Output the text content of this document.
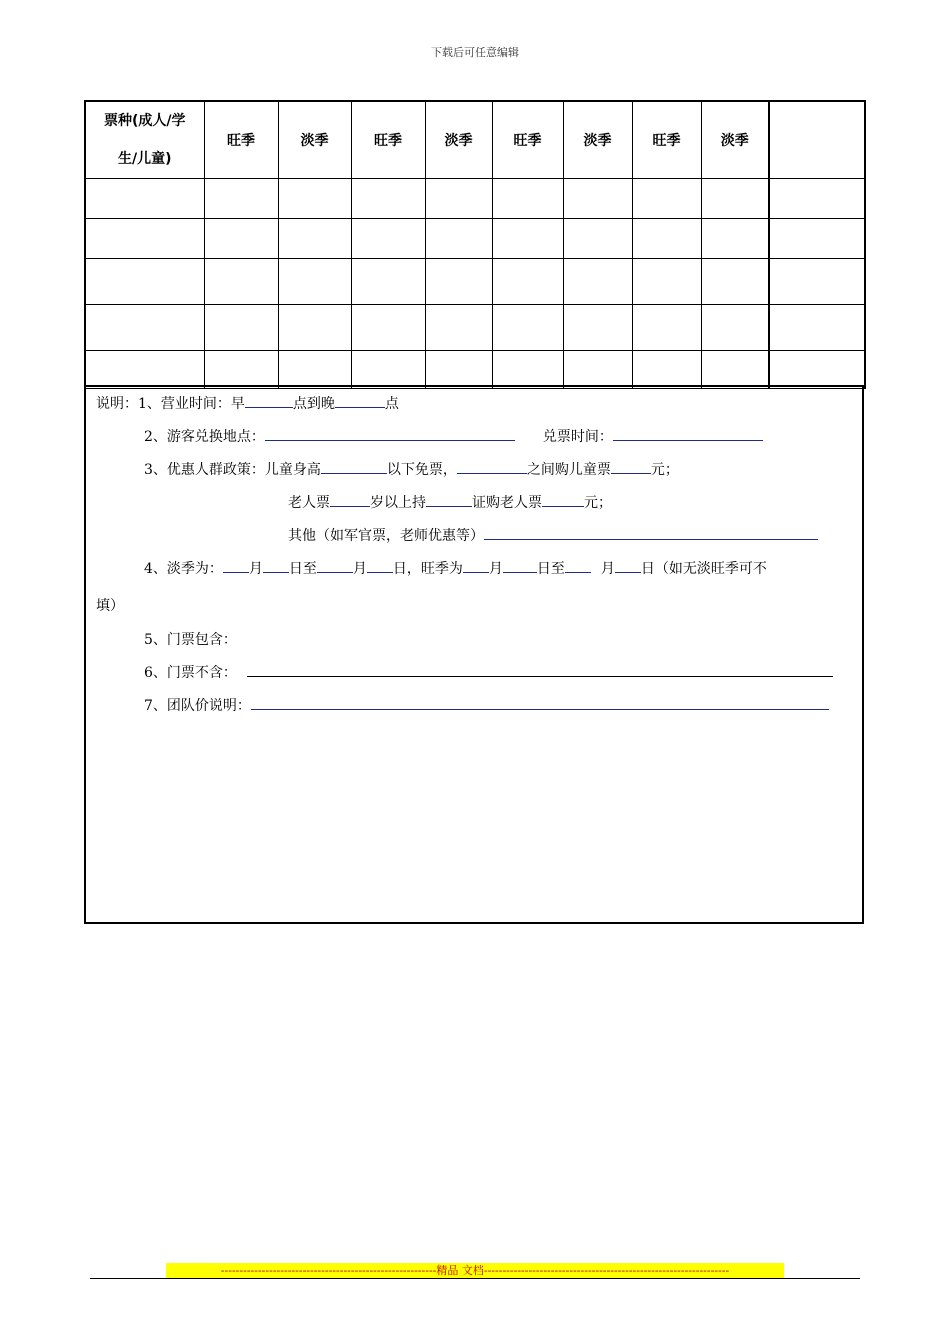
下载后可任意编辑
票种(成人/学
生/儿童)	旺季	淡季	旺季	淡季	旺季	淡季	旺季	淡季	

说明：1、营业时间：早	点到晚	点
2、游客兑换地点：	兑票时间：
3、优惠人群政策：儿童身高	以下免票，	之间购儿童票	元；
老人票	岁以上持	证购老人票	元；
其他（如军官票，老师优惠等）
4、淡季为： 月 日至	月 日，旺季为 月 日至	月 日（如无淡旺季可不
填）
5、门票包含：
6、门票不含：
7、团队价说明：
----------------------------------------------------------精品 文档------------------------------------------------------------------
